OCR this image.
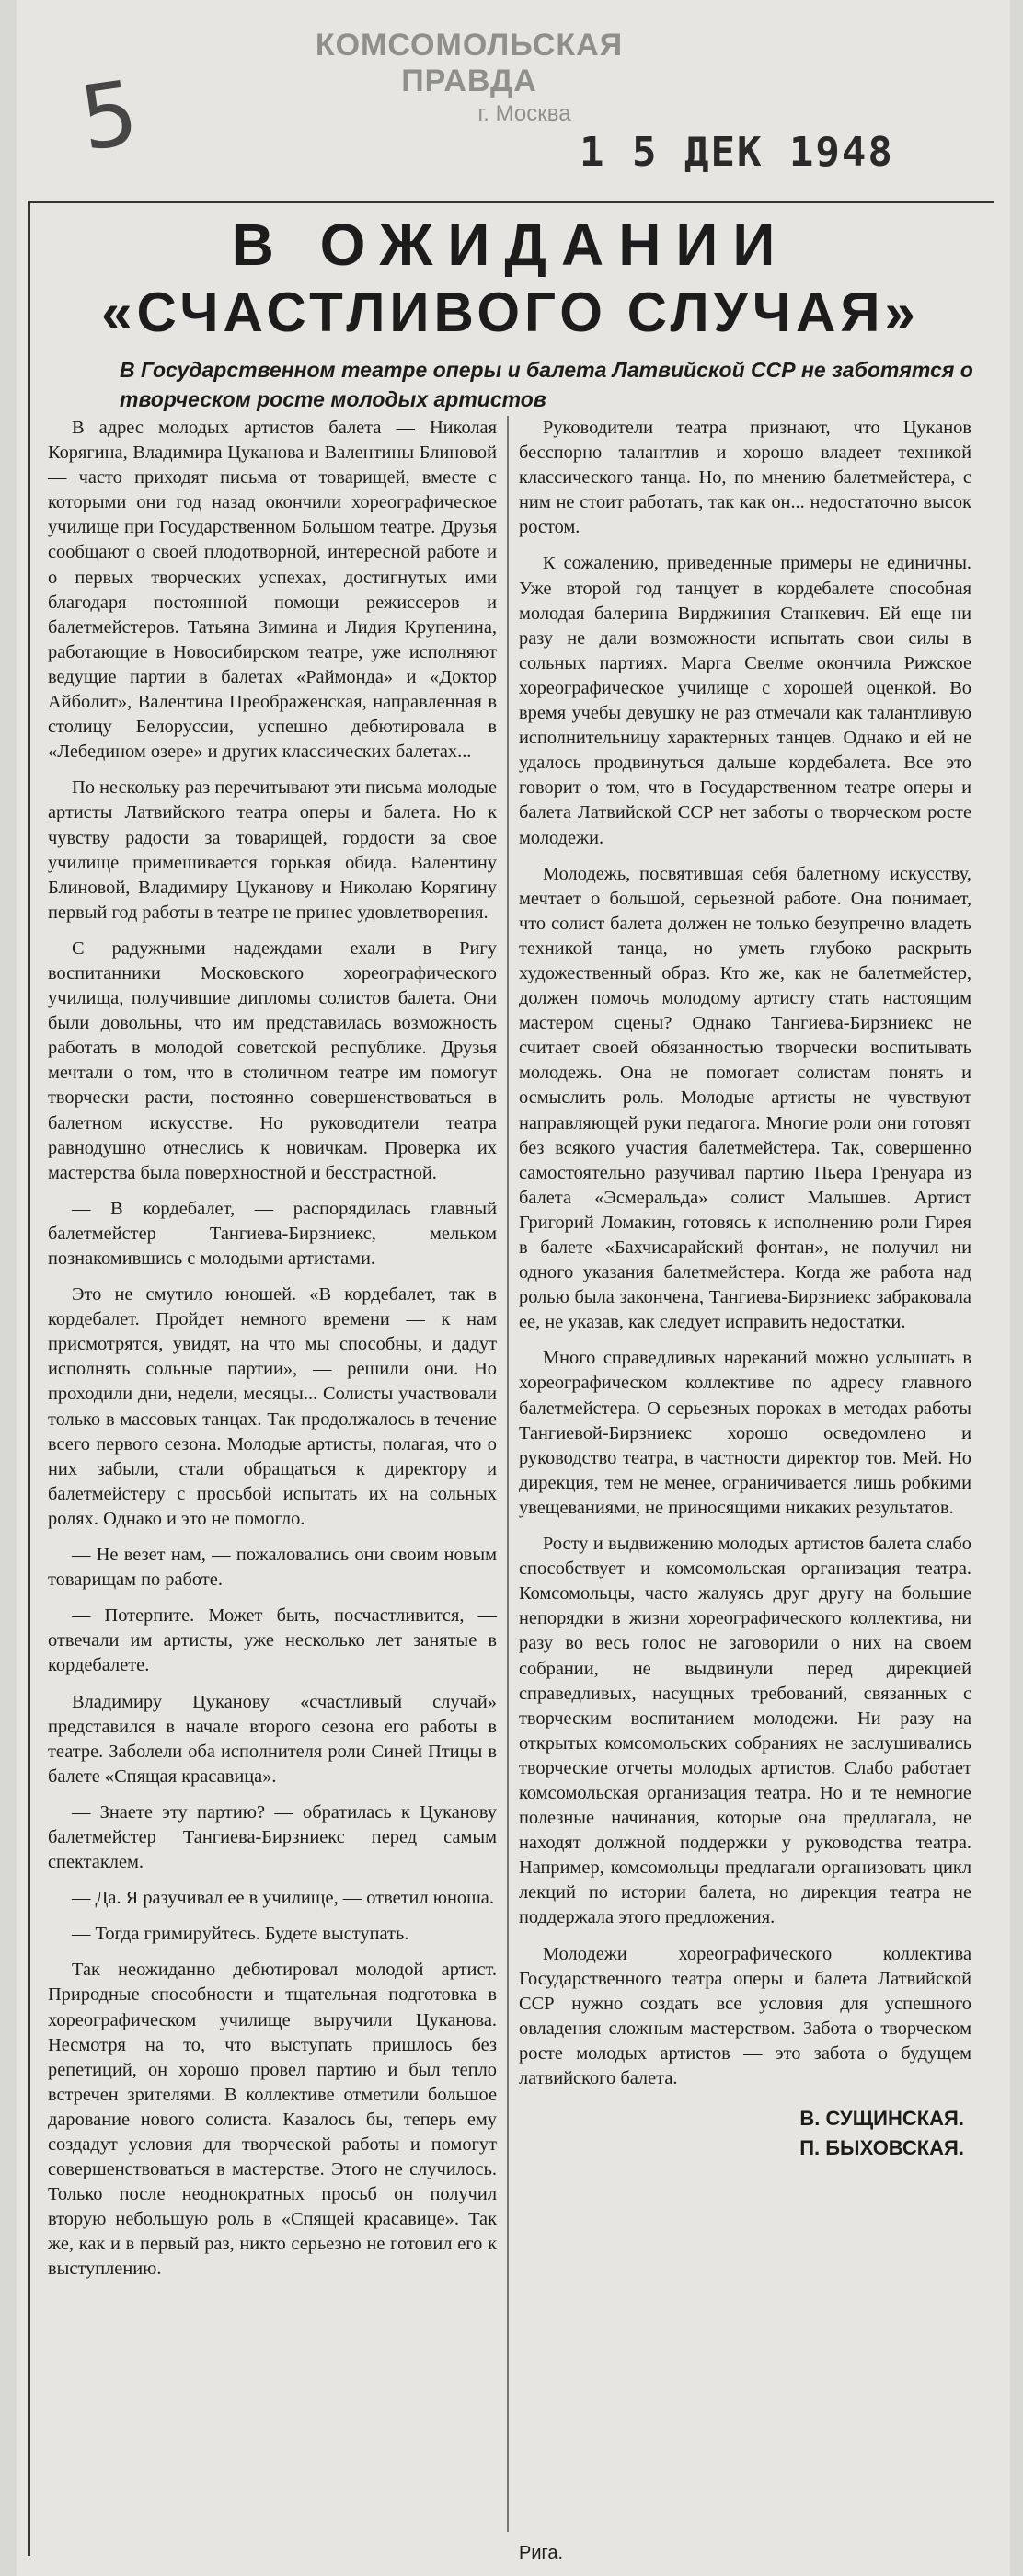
КОМСОМОЛЬСКАЯ ПРАВДА
г. Москва
5	1 5 ДЕК 1948
В ОЖИДАНИИ
«СЧАСТЛИВОГО СЛУЧАЯ»
В Государственном театре оперы и балета Латвийской ССР не заботятся о творческом росте молодых артистов

В адрес молодых артистов балета — Николая Корягина, Владимира Цуканова и Валентины Блиновой — часто приходят письма от товарищей, вместе с которыми они год назад окончили хореографическое училище при Государственном Большом театре. Друзья сообщают о своей плодотворной, интересной работе и о первых творческих успехах, достигнутых ими благодаря постоянной помощи режиссеров и балетмейстеров. Татьяна Зимина и Лидия Крупенина, работающие в Новосибирском театре, уже исполняют ведущие партии в балетах «Раймонда» и «Доктор Айболит», Валентина Преображенская, направленная в столицу Белоруссии, успешно дебютировала в «Лебедином озере» и других классических балетах...

По нескольку раз перечитывают эти письма молодые артисты Латвийского театра оперы и балета. Но к чувству радости за товарищей, гордости за свое училище примешивается горькая обида. Валентину Блиновой, Владимиру Цуканову и Николаю Корягину первый год работы в театре не принес удовлетворения.

С радужными надеждами ехали в Ригу воспитанники Московского хореографического училища, получившие дипломы солистов балета. Они были довольны, что им представилась возможность работать в молодой советской республике. Друзья мечтали о том, что в столичном театре им помогут творчески расти, постоянно совершенствоваться в балетном искусстве. Но руководители театра равнодушно отнеслись к новичкам. Проверка их мастерства была поверхностной и бесстрастной.

— В кордебалет, — распорядилась главный балетмейстер Тангиева-Бирзниекс, мельком познакомившись с молодыми артистами.

Это не смутило юношей. «В кордебалет, так в кордебалет. Пройдет немного времени — к нам присмотрятся, увидят, на что мы способны, и дадут исполнять сольные партии», — решили они. Но проходили дни, недели, месяцы... Солисты участвовали только в массовых танцах. Так продолжалось в течение всего первого сезона. Молодые артисты, полагая, что о них забыли, стали обращаться к директору и балетмейстеру с просьбой испытать их на сольных ролях. Однако и это не помогло.

— Не везет нам, — пожаловались они своим новым товарищам по работе.

— Потерпите. Может быть, посчастливится, — отвечали им артисты, уже несколько лет занятые в кордебалете.

Владимиру Цуканову «счастливый случай» представился в начале второго сезона его работы в театре. Заболели оба исполнителя роли Синей Птицы в балете «Спящая красавица».

— Знаете эту партию? — обратилась к Цуканову балетмейстер Тангиева-Бирзниекс перед самым спектаклем.

— Да. Я разучивал ее в училище, — ответил юноша.

— Тогда гримируйтесь. Будете выступать.

Так неожиданно дебютировал молодой артист. Природные способности и тщательная подготовка в хореографическом училище выручили Цуканова. Несмотря на то, что выступать пришлось без репетиций, он хорошо провел партию и был тепло встречен зрителями. В коллективе отметили большое дарование нового солиста. Казалось бы, теперь ему создадут условия для творческой работы и помогут совершенствоваться в мастерстве. Этого не случилось. Только после неоднократных просьб он получил вторую небольшую роль в «Спящей красавице». Так же, как и в первый раз, никто серьезно не готовил его к выступлению.

Руководители театра признают, что Цуканов бесспорно талантлив и хорошо владеет техникой классического танца. Но, по мнению балетмейстера, с ним не стоит работать, так как он... недостаточно высок ростом.

К сожалению, приведенные примеры не единичны. Уже второй год танцует в кордебалете способная молодая балерина Вирджиния Станкевич. Ей еще ни разу не дали возможности испытать свои силы в сольных партиях. Марга Свелме окончила Рижское хореографическое училище с хорошей оценкой. Во время учебы девушку не раз отмечали как талантливую исполнительницу характерных танцев. Однако и ей не удалось продвинуться дальше кордебалета. Все это говорит о том, что в Государственном театре оперы и балета Латвийской ССР нет заботы о творческом росте молодежи.

Молодежь, посвятившая себя балетному искусству, мечтает о большой, серьезной работе. Она понимает, что солист балета должен не только безупречно владеть техникой танца, но уметь глубоко раскрыть художественный образ. Кто же, как не балетмейстер, должен помочь молодому артисту стать настоящим мастером сцены? Однако Тангиева-Бирзниекс не считает своей обязанностью творчески воспитывать молодежь. Она не помогает солистам понять и осмыслить роль. Молодые артисты не чувствуют направляющей руки педагога. Многие роли они готовят без всякого участия балетмейстера. Так, совершенно самостоятельно разучивал партию Пьера Гренуара из балета «Эсмеральда» солист Малышев. Артист Григорий Ломакин, готовясь к исполнению роли Гирея в балете «Бахчисарайский фонтан», не получил ни одного указания балетмейстера. Когда же работа над ролью была закончена, Тангиева-Бирзниекс забраковала ее, не указав, как следует исправить недостатки.

Много справедливых нареканий можно услышать в хореографическом коллективе по адресу главного балетмейстера. О серьезных пороках в методах работы Тангиевой-Бирзниекс хорошо осведомлено и руководство театра, в частности директор тов. Мей. Но дирекция, тем не менее, ограничивается лишь робкими увещеваниями, не приносящими никаких результатов.

Росту и выдвижению молодых артистов балета слабо способствует и комсомольская организация театра. Комсомольцы, часто жалуясь друг другу на большие непорядки в жизни хореографического коллектива, ни разу во весь голос не заговорили о них на своем собрании, не выдвинули перед дирекцией справедливых, насущных требований, связанных с творческим воспитанием молодежи. Ни разу на открытых комсомольских собраниях не заслушивались творческие отчеты молодых артистов. Слабо работает комсомольская организация театра. Но и те немногие полезные начинания, которые она предлагала, не находят должной поддержки у руководства театра. Например, комсомольцы предлагали организовать цикл лекций по истории балета, но дирекция театра не поддержала этого предложения.

Молодежи хореографического коллектива Государственного театра оперы и балета Латвийской ССР нужно создать все условия для успешного овладения сложным мастерством. Забота о творческом росте молодых артистов — это забота о будущем латвийского балета.

В. СУЩИНСКАЯ.
П. БЫХОВСКАЯ.
Рига.
